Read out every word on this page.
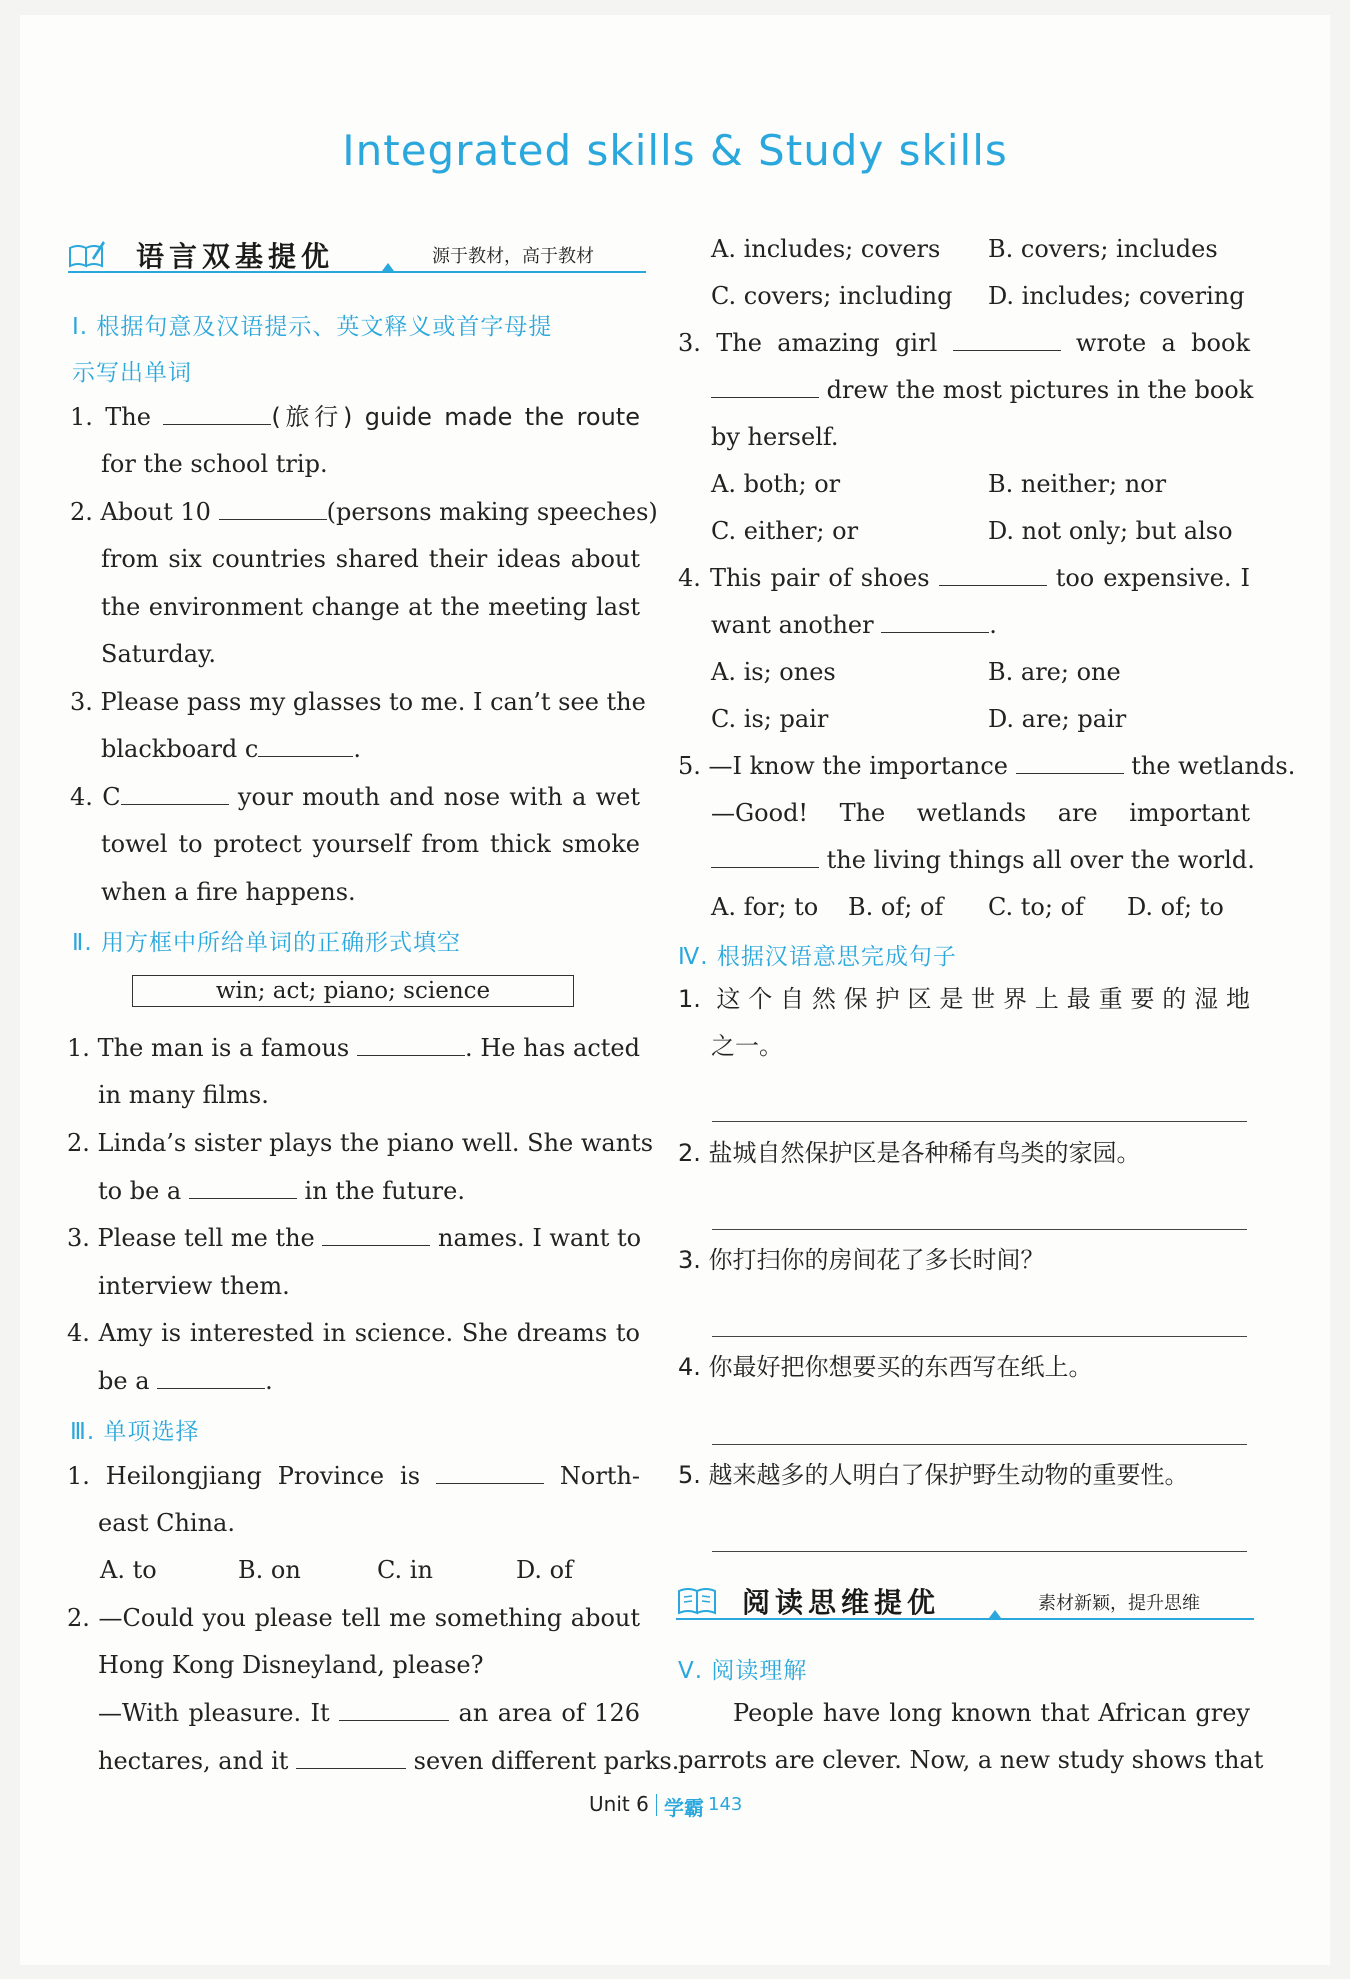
Integrated skills & Study skills
语言双基提优	源于教材，高于教材
Ⅰ. 根据句意及汉语提示、英文释义或首字母提
示写出单词
1. The	(旅行) guide made the route
for the school trip.
2. About 10	(persons making speeches)
from six countries shared their ideas about
the environment change at the meeting last
Saturday.
3. Please pass my glasses to me. I can’t see the
blackboard c	.
4. C	your mouth and nose with a wet
towel to protect yourself from thick smoke
when a fire happens.
Ⅱ. 用方框中所给单词的正确形式填空
win; act; piano; science
1. The man is a famous	. He has acted
in many films.
2. Linda’s sister plays the piano well. She wants
to be a	in the future.
3. Please tell me the	names. I want to
interview them.
4. Amy is interested in science. She dreams to
be a	.
Ⅲ. 单项选择
1. Heilongjiang Province is	North-
east China.
A. to	B. on	C. in	D. of
2. —Could you please tell me something about
Hong Kong Disneyland, please?
—With pleasure. It	an area of 126
hectares, and it	seven different parks.
A. includes; covers B. covers; includes
C. covers; including D. includes; covering
3. The amazing girl	wrote a book
drew the most pictures in the book
by herself.
A. both; or	B. neither; nor
C. either; or	D. not only; but also
4. This pair of shoes	too expensive. I
want another	.
A. is; ones	B. are; one
C. is; pair	D. are; pair
5. —I know the importance	the wetlands.
—Good! The wetlands are important
the living things all over the world.
A. for; to B. of; of C. to; of D. of; to
Ⅳ. 根据汉语意思完成句子
1. 这个自然保护区是世界上最重要的湿地
之一。
2. 盐城自然保护区是各种稀有鸟类的家园。
3. 你打扫你的房间花了多长时间？
4. 你最好把你想要买的东西写在纸上。
5. 越来越多的人明白了保护野生动物的重要性。
阅读思维提优	素材新颖，提升思维
Ⅴ. 阅读理解
People have long known that African grey
parrots are clever. Now, a new study shows that
Unit 6 学霸 143
